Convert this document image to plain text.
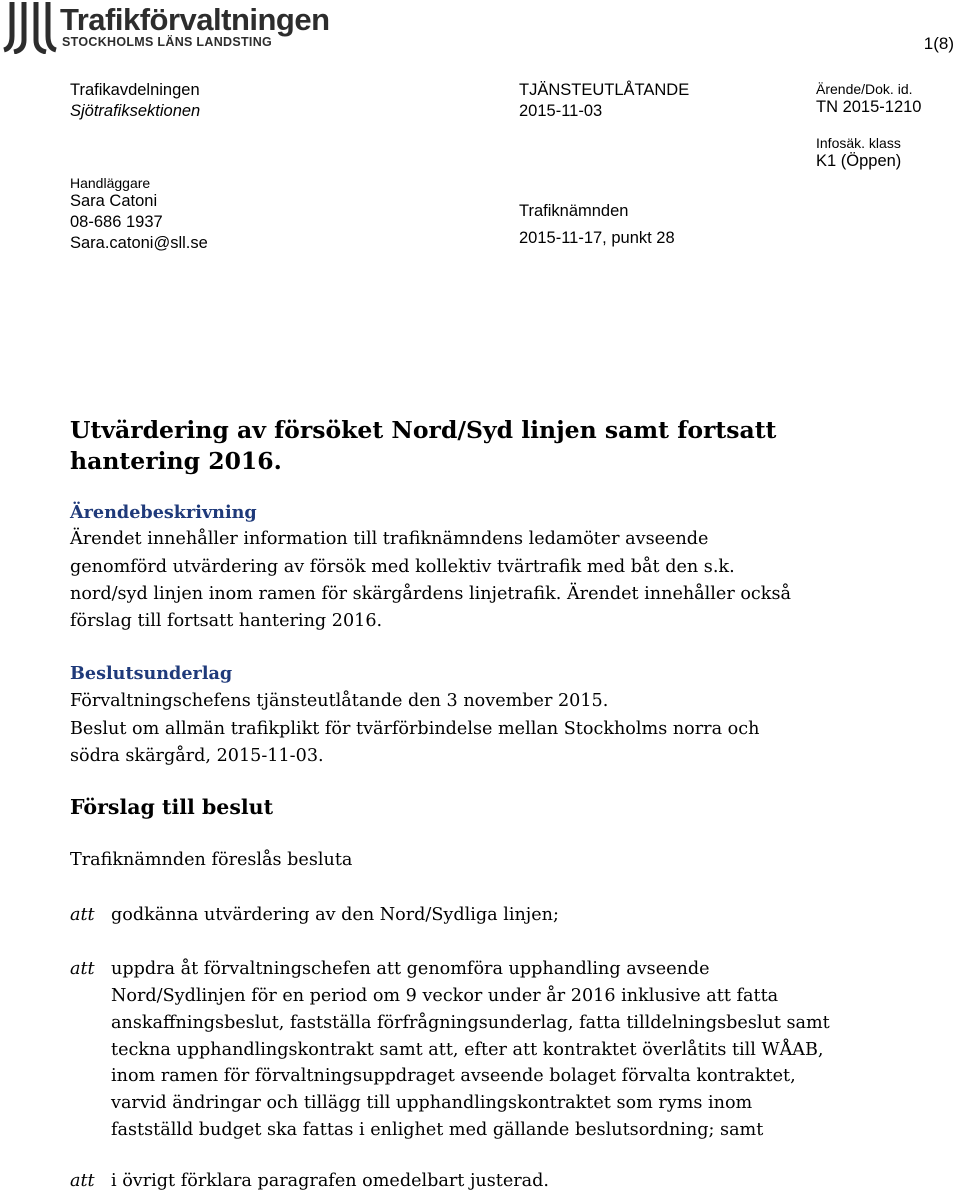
Trafikförvaltningen
STOCKHOLMS LÄNS LANDSTING	1(8)
Trafikavdelningen
Sjötrafiksektionen
Handläggare
Sara Catoni
08-686 1937
Sara.catoni@sll.se
TJÄNSTEUTLÅTANDE
2015-11-03
Trafiknämnden
2015-11-17, punkt 28
Ärende/Dok. id.
TN 2015-1210
Infosäk. klass
K1 (Öppen)
Utvärdering av försöket Nord/Syd linjen samt fortsatt
hantering 2016.
Ärendebeskrivning
Ärendet innehåller information till trafiknämndens ledamöter avseende
genomförd utvärdering av försök med kollektiv tvärtrafik med båt den s.k.
nord/syd linjen inom ramen för skärgårdens linjetrafik. Ärendet innehåller också
förslag till fortsatt hantering 2016.
Beslutsunderlag
Förvaltningschefens tjänsteutlåtande den 3 november 2015.
Beslut om allmän trafikplikt för tvärförbindelse mellan Stockholms norra och
södra skärgård, 2015-11-03.
Förslag till beslut
Trafiknämnden föreslås besluta
att godkänna utvärdering av den Nord/Sydliga linjen;
att uppdra åt förvaltningschefen att genomföra upphandling avseende
Nord/Sydlinjen för en period om 9 veckor under år 2016 inklusive att fatta
anskaffningsbeslut, fastställa förfrågningsunderlag, fatta tilldelningsbeslut samt
teckna upphandlingskontrakt samt att, efter att kontraktet överlåtits till WÅAB,
inom ramen för förvaltningsuppdraget avseende bolaget förvalta kontraktet,
varvid ändringar och tillägg till upphandlingskontraktet som ryms inom
fastställd budget ska fattas i enlighet med gällande beslutsordning; samt
att i övrigt förklara paragrafen omedelbart justerad.
